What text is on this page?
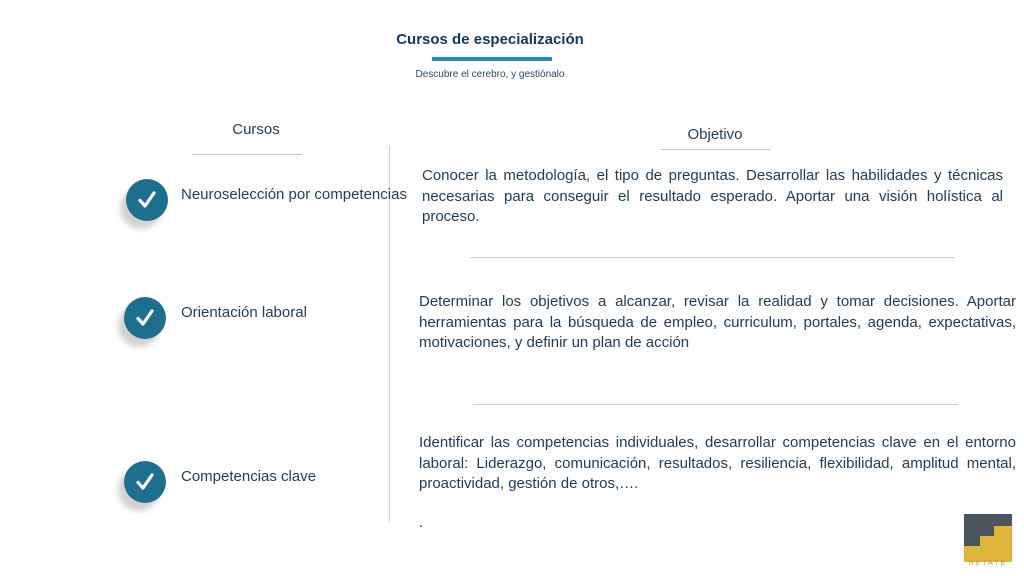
Cursos de especialización
Descubre el cerebro, y gestiónalo
Cursos	Objetivo
Neuroselección por competencias
Conocer la metodología, el tipo de preguntas. Desarrollar las habilidades y técnicas necesarias para conseguir el resultado esperado. Aportar una visión holística al proceso.
Orientación laboral
Determinar los objetivos a alcanzar, revisar la realidad y tomar decisiones. Aportar herramientas para la búsqueda de empleo, curriculum, portales, agenda, expectativas, motivaciones, y definir un plan de acción
Competencias clave
Identificar las competencias individuales, desarrollar competencias clave en el entorno laboral: Liderazgo, comunicación, resultados, resiliencia, flexibilidad, amplitud mental, proactividad, gestión de otros,….
.
RETATE
